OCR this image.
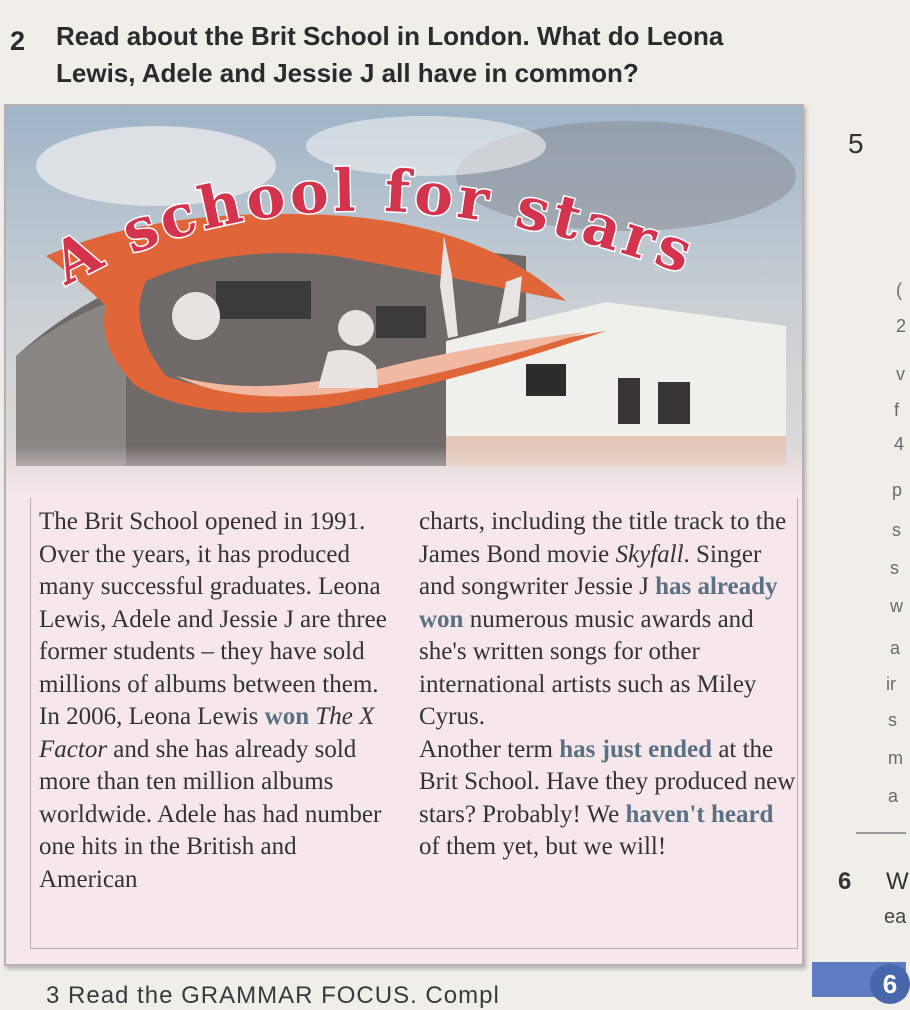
2 Read about the Brit School in London. What do Leona Lewis, Adele and Jessie J all have in common?
A school for stars

The Brit School opened in 1991. Over the years, it has produced many successful graduates. Leona Lewis, Adele and Jessie J are three former students – they have sold millions of albums between them. In 2006, Leona Lewis won The X Factor and she has already sold more than ten million albums worldwide. Adele has had number one hits in the British and American

charts, including the title track to the James Bond movie Skyfall. Singer and songwriter Jessie J has already won numerous music awards and she's written songs for other international artists such as Miley Cyrus.

Another term has just ended at the Brit School. Have they produced new stars? Probably! We haven't heard of them yet, but we will!

5
(
2
v
f
4
p
s
s
w
a
ir
s
m
a
6 W
ea
6
3 Read the GRAMMAR FOCUS. Compl
